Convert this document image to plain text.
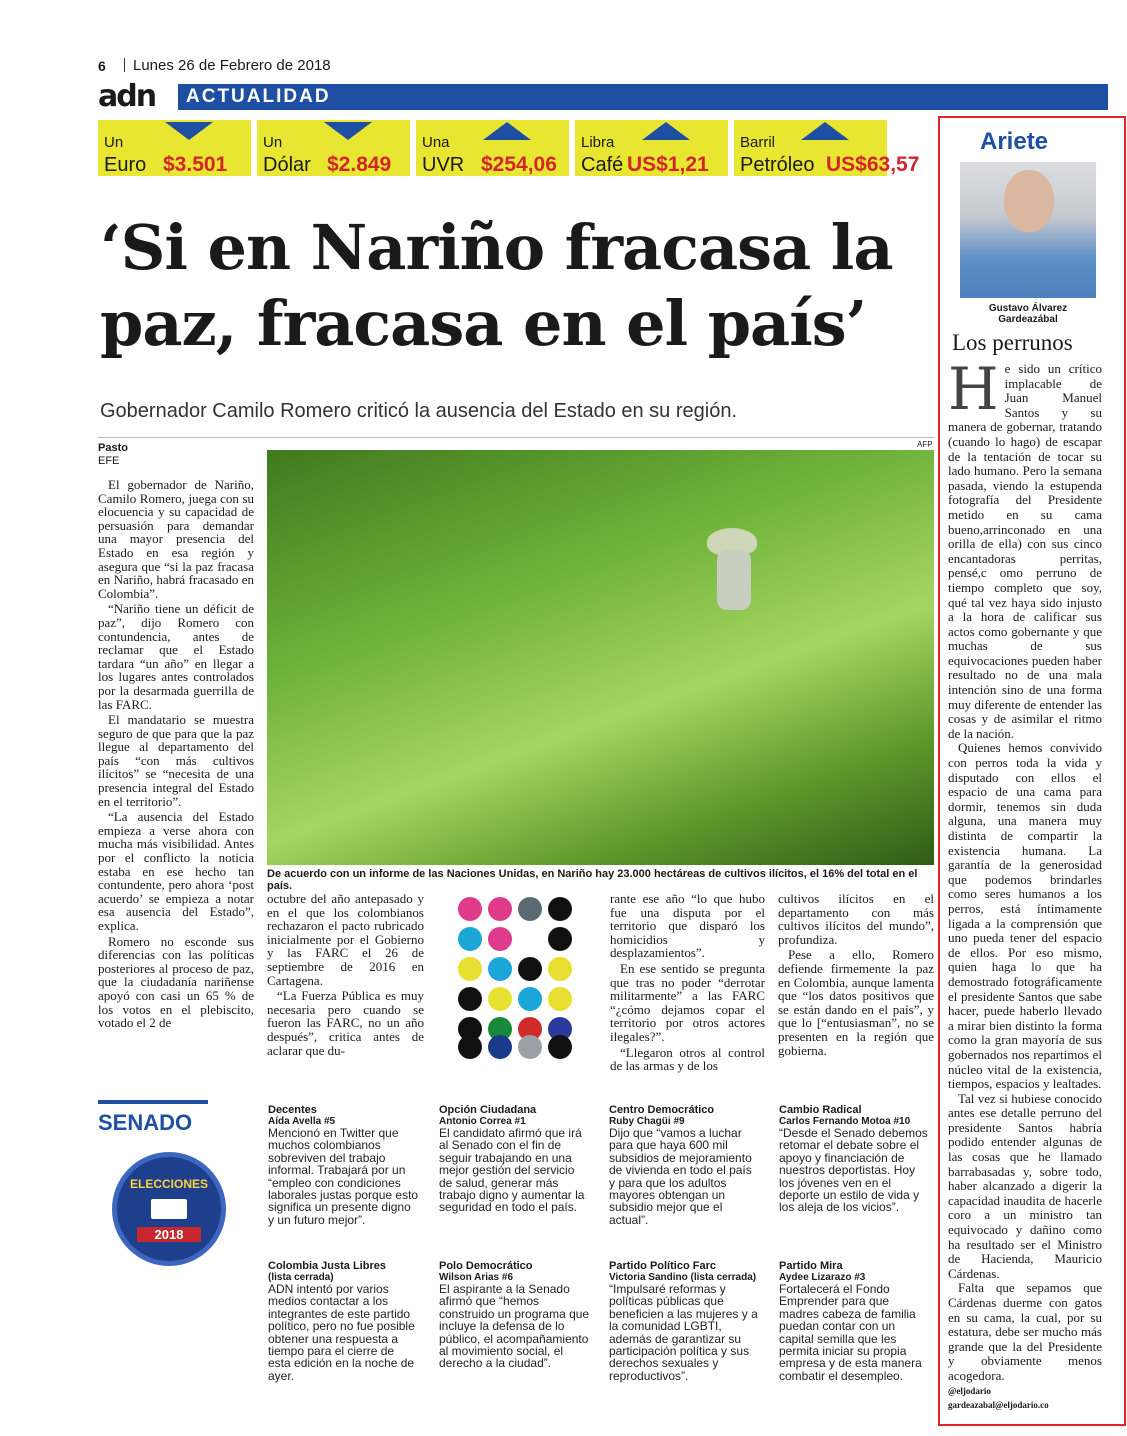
6 Lunes 26 de Febrero de 2018
adn	ACTUALIDAD
Un
Euro $3.501
Un
Dólar $2.849
Una
UVR $254,06
Libra
Café US$1,21
Barril
Petróleo US$63,57
‘Si en Nariño fracasa la
paz, fracasa en el país’
Gobernador Camilo Romero criticó la ausencia del Estado en su región.
Pasto
EFE
AFP

El gobernador de Nariño, Camilo Romero, juega con su elocuencia y su capacidad de persuasión para demandar una mayor presencia del Estado en esa región y asegura que “si la paz fracasa en Nariño, habrá fracasado en Colombia”.

“Nariño tiene un déficit de paz”, dijo Romero con contundencia, antes de reclamar que el Estado tardara “un año” en llegar a los lugares antes controlados por la desarmada guerrilla de las FARC.

El mandatario se muestra seguro de que para que la paz llegue al departamento del país “con más cultivos ilícitos” se “necesita de una presencia integral del Estado en el territorio”.

“La ausencia del Estado empieza a verse ahora con mucha más visibilidad. Antes por el conflicto la noticia estaba en ese hecho tan contundente, pero ahora ‘post acuerdo’ se empieza a notar esa ausencia del Estado”, explica.

Romero no esconde sus diferencias con las políticas posteriores al proceso de paz, que la ciudadanía nariñense apoyó con casi un 65 % de los votos en el plebiscito, votado el 2 de

De acuerdo con un informe de las Naciones Unidas, en Nariño hay 23.000 hectáreas de cultivos ilícitos, el 16% del total en el país.

octubre del año antepasado y en el que los colombianos rechazaron el pacto rubricado inicialmente por el Gobierno y las FARC el 26 de septiembre de 2016 en Cartagena.

“La Fuerza Pública es muy necesaria pero cuando se fueron las FARC, no un año después”, critica antes de aclarar que du-

rante ese año “lo que hubo fue una disputa por el territorio que disparó los homicidios y desplazamientos”.

En ese sentido se pregunta que tras no poder “derrotar militarmente” a las FARC “¿cómo dejamos copar el territorio por otros actores ilegales?”.

“Llegaron otros al control de las armas y de los

cultivos ilícitos en el departamento con más cultivos ilícitos del mundo”, profundiza.

Pese a ello, Romero defiende firmemente la paz en Colombia, aunque lamenta que “los datos positivos que se están dando en el país”, y que lo [“entusiasman”, no se presenten en la región que gobierna.

SENADO
ELECCIONES
2018
Decentes
Aída Avella #5
Mencionó en Twitter que muchos colombianos sobreviven del trabajo informal. Trabajará por un “empleo con condiciones laborales justas porque esto significa un presente digno y un futuro mejor”.
Opción Ciudadana
Antonio Correa #1
El candidato afirmó que irá al Senado con el fin de seguir trabajando en una mejor gestión del servicio de salud, generar más trabajo digno y aumentar la seguridad en todo el país.
Centro Democrático
Ruby Chagüi #9
Dijo que “vamos a luchar para que haya 600 mil subsidios de mejoramiento de vivienda en todo el país y para que los adultos mayores obtengan un subsidio mejor que el actual”.
Cambio Radical
Carlos Fernando Motoa #10
“Desde el Senado debemos retomar el debate sobre el apoyo y financiación de nuestros deportistas. Hoy los jóvenes ven en el deporte un estilo de vida y los aleja de los vicios”.
Colombia Justa Libres
(lista cerrada)
ADN intentó por varios medios contactar a los integrantes de este partido político, pero no fue posible obtener una respuesta a tiempo para el cierre de esta edición en la noche de ayer.
Polo Democrático
Wilson Arias #6
El aspirante a la Senado afirmó que “hemos construido un programa que incluye la defensa de lo público, el acompañamiento al movimiento social, el derecho a la ciudad”.
Partido Político Farc
Victoria Sandino (lista cerrada)
“Impulsaré reformas y políticas públicas que beneficien a las mujeres y a la comunidad LGBTI, además de garantizar su participación política y sus derechos sexuales y reproductivos”.
Partido Mira
Aydee Lizarazo #3
Fortalecerá el Fondo Emprender para que madres cabeza de familia puedan contar con un capital semilla que les permita iniciar su propia empresa y de esta manera combatir el desempleo.
Ariete
Gustavo Álvarez
Gardeazábal
Los perrunos
H e sido un crítico implacable de Juan Manuel Santos y su manera de gobernar, tratando (cuando lo hago) de escapar de la tentación de tocar su lado humano. Pero la semana pasada, viendo la estupenda fotografía del Presidente metido en su cama bueno,arrinconado en una orilla de ella) con sus cinco encantadoras perritas, pensé,c omo perruno de tiempo completo que soy, qué tal vez haya sido injusto a la hora de calificar sus actos como gobernante y que muchas de sus equivocaciones pueden haber resultado no de una mala intención sino de una forma muy diferente de entender las cosas y de asimilar el ritmo de la nación.

Quienes hemos convivido con perros toda la vida y disputado con ellos el espacio de una cama para dormir, tenemos sin duda alguna, una manera muy distinta de compartir la existencia humana. La garantía de la generosidad que podemos brindarles como seres humanos a los perros, está íntimamente ligada a la comprensión que uno pueda tener del espacio de ellos. Por eso mismo, quien haga lo que ha demostrado fotográficamente el presidente Santos que sabe hacer, puede haberlo llevado a mirar bien distinto la forma como la gran mayoría de sus gobernados nos repartimos el núcleo vital de la existencia, tiempos, espacios y lealtades.

Tal vez si hubiese conocido antes ese detalle perruno del presidente Santos habría podido entender algunas de las cosas que he llamado barrabasadas y, sobre todo, haber alcanzado a digerir la capacidad inaudita de hacerle coro a un ministro tan equivocado y dañino como ha resultado ser el Ministro de Hacienda, Mauricio Cárdenas.

Falta que sepamos que Cárdenas duerme con gatos en su cama, la cual, por su estatura, debe ser mucho más grande que la del Presidente y obviamente menos acogedora.

@eljodario
gardeazabal@eljodario.co
